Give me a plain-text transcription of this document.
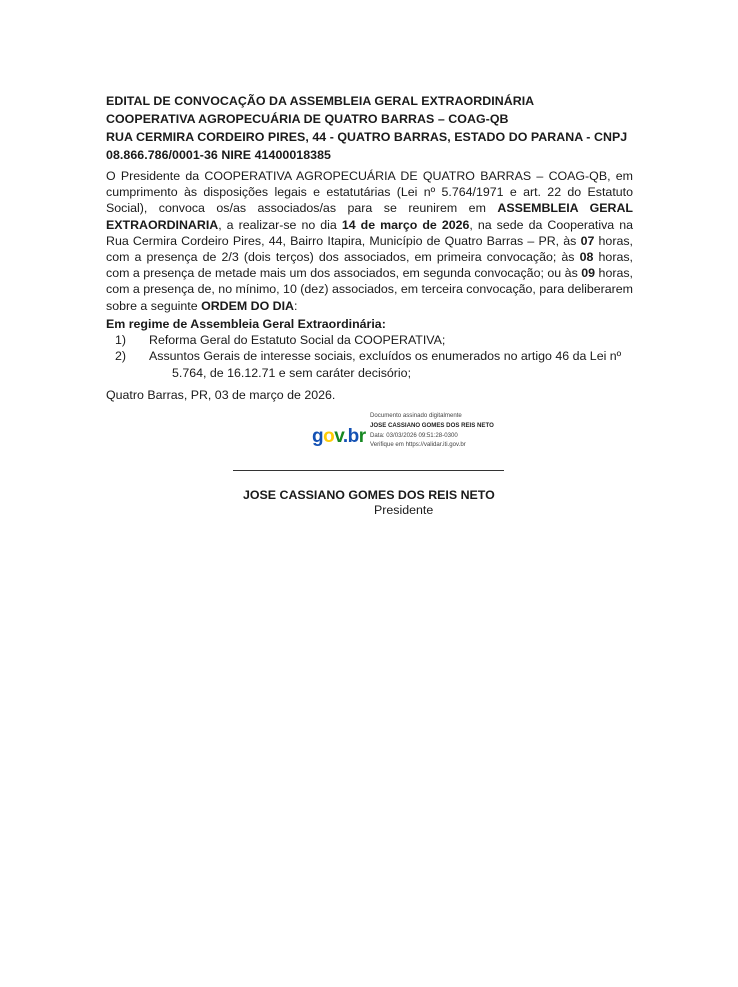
EDITAL DE CONVOCAÇÃO DA ASSEMBLEIA GERAL EXTRAORDINÁRIA
COOPERATIVA AGROPECUÁRIA DE QUATRO BARRAS – COAG-QB
RUA CERMIRA CORDEIRO PIRES, 44 - QUATRO BARRAS, ESTADO DO PARANA - CNPJ
08.866.786/0001-36 NIRE 41400018385
O Presidente da COOPERATIVA AGROPECUÁRIA DE QUATRO BARRAS – COAG-QB, em cumprimento às disposições legais e estatutárias (Lei nº 5.764/1971 e art. 22 do Estatuto Social), convoca os/as associados/as para se reunirem em ASSEMBLEIA GERAL EXTRAORDINARIA, a realizar-se no dia 14 de março de 2026, na sede da Cooperativa na Rua Cermira Cordeiro Pires, 44, Bairro Itapira, Município de Quatro Barras – PR, às 07 horas, com a presença de 2/3 (dois terços) dos associados, em primeira convocação; às 08 horas, com a presença de metade mais um dos associados, em segunda convocação; ou às 09 horas, com a presença de, no mínimo, 10 (dez) associados, em terceira convocação, para deliberarem sobre a seguinte ORDEM DO DIA:
Em regime de Assembleia Geral Extraordinária:
1) Reforma Geral do Estatuto Social da COOPERATIVA;
2) Assuntos Gerais de interesse sociais, excluídos os enumerados no artigo 46 da Lei nº
5.764, de 16.12.71 e sem caráter decisório;
Quatro Barras, PR, 03 de março de 2026.
gov.br
Documento assinado digitalmente
JOSE CASSIANO GOMES DOS REIS NETO
Data: 03/03/2026 09:51:28-0300
Verifique em https://validar.iti.gov.br
JOSE CASSIANO GOMES DOS REIS NETO
Presidente
